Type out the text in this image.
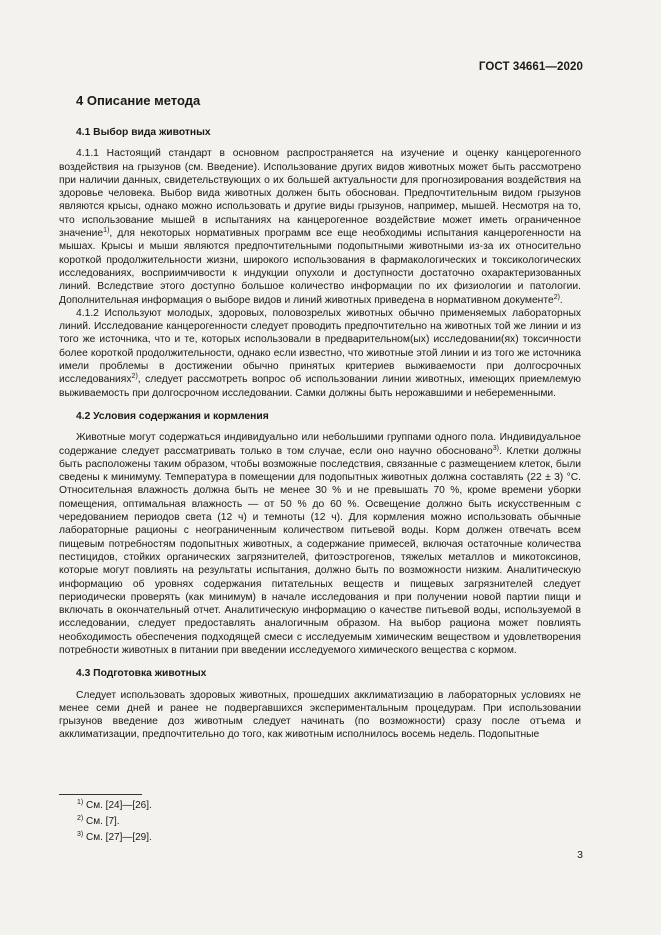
ГОСТ 34661—2020
4 Описание метода
4.1 Выбор вида животных

4.1.1 Настоящий стандарт в основном распространяется на изучение и оценку канцерогенного воздействия на грызунов (см. Введение). Использование других видов животных может быть рассмотрено при наличии данных, свидетельствующих о их большей актуальности для прогнозирования воздействия на здоровье человека. Выбор вида животных должен быть обоснован. Предпочтительным видом грызунов являются крысы, однако можно использовать и другие виды грызунов, например, мышей. Несмотря на то, что использование мышей в испытаниях на канцерогенное воздействие может иметь ограниченное значение$^{1)}$, для некоторых нормативных программ все еще необходимы испытания канцерогенности на мышах. Крысы и мыши являются предпочтительными подопытными животными из-за их относительно короткой продолжительности жизни, широкого использования в фармакологических и токсикологических исследованиях, восприимчивости к индукции опухоли и доступности достаточно охарактеризованных линий. Вследствие этого доступно большое количество информации по их физиологии и патологии. Дополнительная информация о выборе видов и линий животных приведена в нормативном документе$^{2)}$.

4.1.2 Используют молодых, здоровых, половозрелых животных обычно применяемых лабораторных линий. Исследование канцерогенности следует проводить предпочтительно на животных той же линии и из того же источника, что и те, которых использовали в предварительном(ых) исследовании(ях) токсичности более короткой продолжительности, однако если известно, что животные этой линии и из того же источника имели проблемы в достижении обычно принятых критериев выживаемости при долгосрочных исследованиях$^{2)}$, следует рассмотреть вопрос об использовании линии животных, имеющих приемлемую выживаемость при долгосрочном исследовании. Самки должны быть нерожавшими и небеременными.

4.2 Условия содержания и кормления

Животные могут содержаться индивидуально или небольшими группами одного пола. Индивидуальное содержание следует рассматривать только в том случае, если оно научно обосновано$^{3)}$. Клетки должны быть расположены таким образом, чтобы возможные последствия, связанные с размещением клеток, были сведены к минимуму. Температура в помещении для подопытных животных должна составлять (22 ± 3) °С. Относительная влажность должна быть не менее 30 % и не превышать 70 %, кроме времени уборки помещения, оптимальная влажность — от 50 % до 60 %. Освещение должно быть искусственным с чередованием периодов света (12 ч) и темноты (12 ч). Для кормления можно использовать обычные лабораторные рационы с неограниченным количеством питьевой воды. Корм должен отвечать всем пищевым потребностям подопытных животных, а содержание примесей, включая остаточные количества пестицидов, стойких органических загрязнителей, фитоэстрогенов, тяжелых металлов и микотоксинов, которые могут повлиять на результаты испытания, должно быть по возможности низким. Аналитическую информацию об уровнях содержания питательных веществ и пищевых загрязнителей следует периодически проверять (как минимум) в начале исследования и при получении новой партии пищи и включать в окончательный отчет. Аналитическую информацию о качестве питьевой воды, используемой в исследовании, следует предоставлять аналогичным образом. На выбор рациона может повлиять необходимость обеспечения подходящей смеси с исследуемым химическим веществом и удовлетворения потребности животных в питании при введении исследуемого химического вещества с кормом.

4.3 Подготовка животных

Следует использовать здоровых животных, прошедших акклиматизацию в лабораторных условиях не менее семи дней и ранее не подвергавшихся экспериментальным процедурам. При использовании грызунов введение доз животным следует начинать (по возможности) сразу после отъема и акклиматизации, предпочтительно до того, как животным исполнилось восемь недель. Подопытные

$^{1)}$ См. [24]—[26].
$^{2)}$ См. [7].
$^{3)}$ См. [27]—[29].
3
